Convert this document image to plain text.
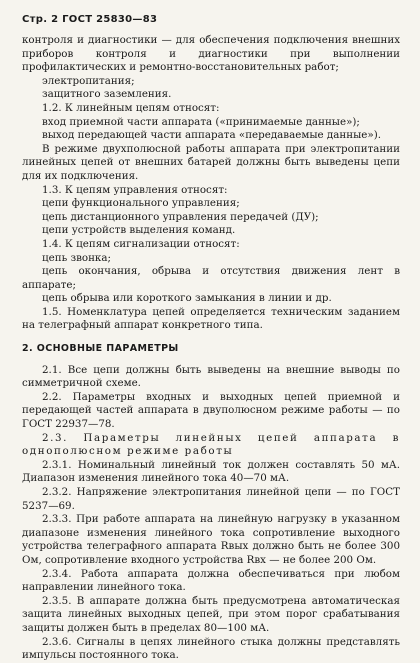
Стр. 2 ГОСТ 25830—83

контроля и диагностики — для обеспечения подключения внешних приборов контроля и диагностики при выполнении профилактических и ремонтно-восстановительных работ;

электропитания;

защитного заземления.

1.2. К линейным цепям относят:

вход приемной части аппарата («принимаемые данные»);

выход передающей части аппарата «передаваемые данные»).

В режиме двухполюсной работы аппарата при электропитании линейных цепей от внешних батарей должны быть выведены цепи для их подключения.

1.3. К цепям управления относят:

цепи функционального управления;

цепь дистанционного управления передачей (ДУ);

цепи устройств выделения команд.

1.4. К цепям сигнализации относят:

цепь звонка;

цепь окончания, обрыва и отсутствия движения лент в аппарате;

цепь обрыва или короткого замыкания в линии и др.

1.5. Номенклатура цепей определяется техническим заданием на телеграфный аппарат конкретного типа.

2. ОСНОВНЫЕ ПАРАМЕТРЫ

2.1. Все цепи должны быть выведены на внешние выводы по симметричной схеме.

2.2. Параметры входных и выходных цепей приемной и передающей частей аппарата в двуполюсном режиме работы — по ГОСТ 22937—78.

2.3. Параметры линейных цепей аппарата в однополюсном режиме работы

2.3.1. Номинальный линейный ток должен составлять 50 мА. Диапазон изменения линейного тока 40—70 мА.

2.3.2. Напряжение электропитания линейной цепи — по ГОСТ 5237—69.

2.3.3. При работе аппарата на линейную нагрузку в указанном диапазоне изменения линейного тока сопротивление выходного устройства телеграфного аппарата Rвых должно быть не более 300 Ом, сопротивление входного устройства Rвх — не более 200 Ом.

2.3.4. Работа аппарата должна обеспечиваться при любом направлении линейного тока.

2.3.5. В аппарате должна быть предусмотрена автоматическая защита линейных выходных цепей, при этом порог срабатывания защиты должен быть в пределах 80—100 мА.

2.3.6. Сигналы в цепях линейного стыка должны представлять импульсы постоянного тока.
